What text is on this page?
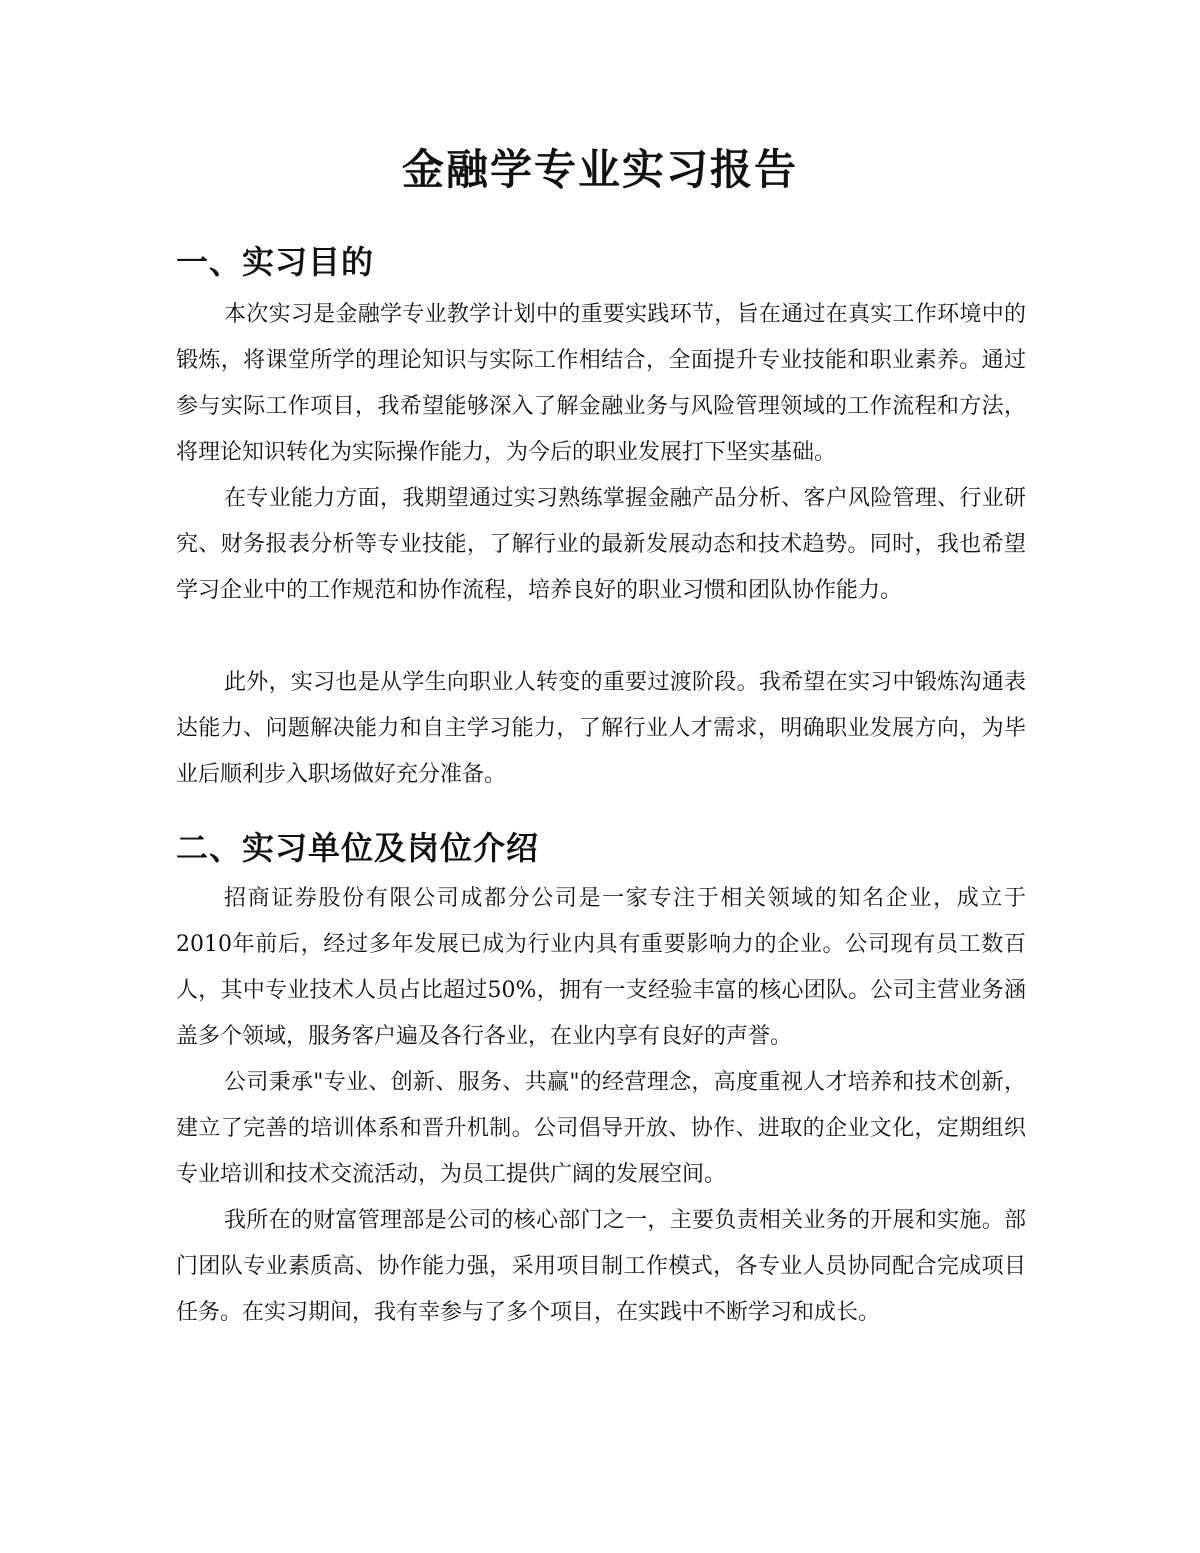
金融学专业实习报告
一、实习目的

本次实习是金融学专业教学计划中的重要实践环节，旨在通过在真实工作环境中的锻炼，将课堂所学的理论知识与实际工作相结合，全面提升专业技能和职业素养。通过参与实际工作项目，我希望能够深入了解金融业务与风险管理领域的工作流程和方法，将理论知识转化为实际操作能力，为今后的职业发展打下坚实基础。

在专业能力方面，我期望通过实习熟练掌握金融产品分析、客户风险管理、行业研究、财务报表分析等专业技能，了解行业的最新发展动态和技术趋势。同时，我也希望学习企业中的工作规范和协作流程，培养良好的职业习惯和团队协作能力。

此外，实习也是从学生向职业人转变的重要过渡阶段。我希望在实习中锻炼沟通表达能力、问题解决能力和自主学习能力，了解行业人才需求，明确职业发展方向，为毕业后顺利步入职场做好充分准备。

二、实习单位及岗位介绍

招商证券股份有限公司成都分公司是一家专注于相关领域的知名企业，成立于2010年前后，经过多年发展已成为行业内具有重要影响力的企业。公司现有员工数百人，其中专业技术人员占比超过50%，拥有一支经验丰富的核心团队。公司主营业务涵盖多个领域，服务客户遍及各行各业，在业内享有良好的声誉。

公司秉承"专业、创新、服务、共赢"的经营理念，高度重视人才培养和技术创新，建立了完善的培训体系和晋升机制。公司倡导开放、协作、进取的企业文化，定期组织专业培训和技术交流活动，为员工提供广阔的发展空间。

我所在的财富管理部是公司的核心部门之一，主要负责相关业务的开展和实施。部门团队专业素质高、协作能力强，采用项目制工作模式，各专业人员协同配合完成项目任务。在实习期间，我有幸参与了多个项目，在实践中不断学习和成长。
